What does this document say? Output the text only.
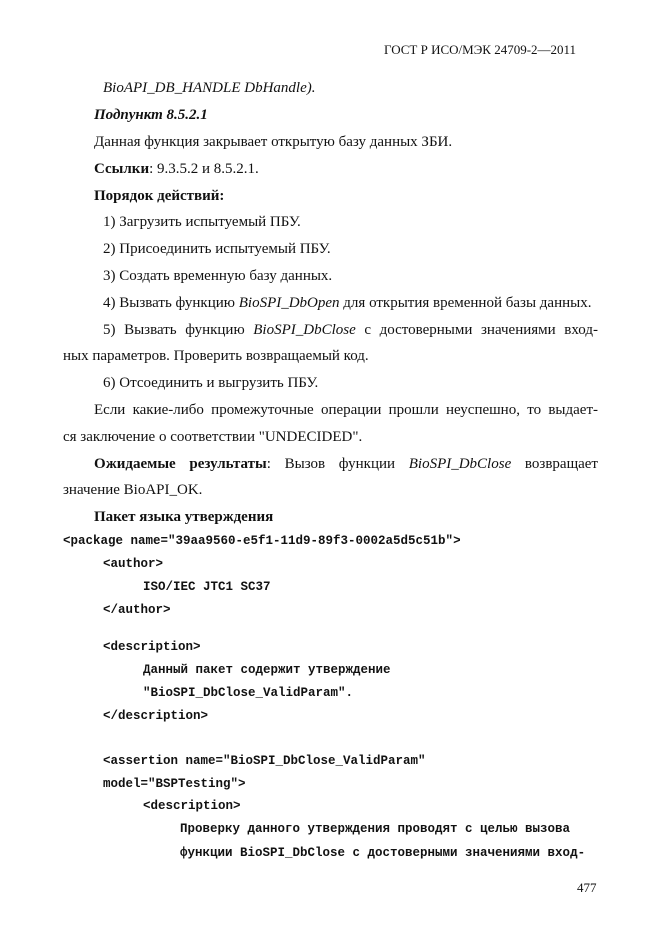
ГОСТ Р ИСО/МЭК 24709-2—2011
BioAPI_DB_HANDLE DbHandle).
Подпункт 8.5.2.1
Данная функция закрывает открытую базу данных ЗБИ.
Ссылки: 9.3.5.2 и 8.5.2.1.
Порядок действий:
1) Загрузить испытуемый ПБУ.
2) Присоединить испытуемый ПБУ.
3) Создать временную базу данных.
4) Вызвать функцию BioSPI_DbOpen для открытия временной базы данных.
5) Вызвать функцию BioSPI_DbClose с достоверными значениями вход-
ных параметров. Проверить возвращаемый код.
6) Отсоединить и выгрузить ПБУ.
Если какие-либо промежуточные операции прошли неуспешно, то выдает-
ся заключение о соответствии "UNDECIDED".
Ожидаемые результаты: Вызов функции BioSPI_DbClose возвращает
значение BioAPI_OK.
Пакет языка утверждения
<package name="39aa9560-e5f1-11d9-89f3-0002a5d5c51b">
<author>
ISO/IEC JTC1 SC37
</author>
<description>
Данный пакет содержит утверждение
"BioSPI_DbClose_ValidParam".
</description>
<assertion name="BioSPI_DbClose_ValidParam"
model="BSPTesting">
<description>
Проверку данного утверждения проводят с целью вызова
функции BioSPI_DbClose с достоверными значениями вход-
477
